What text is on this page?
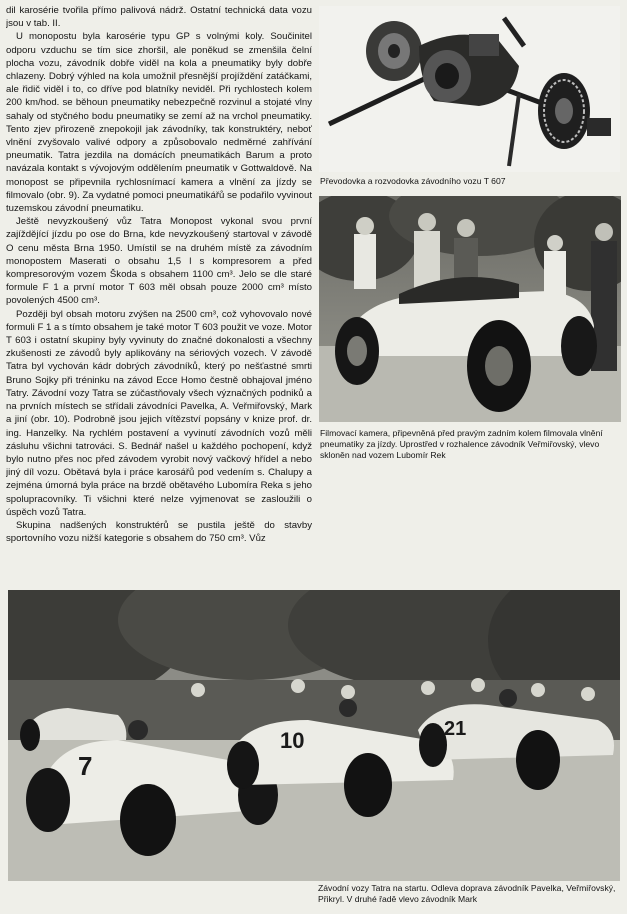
dil karosérie tvořila přímo palivová nádrž. Ostatní technická data vozu jsou v tab. II.

U monopostu byla karosérie typu GP s volnými koly. Součinitel odporu vzduchu se tím sice zhoršil, ale poněkud se zmenšila čelní plocha vozu, závodník dobře viděl na kola a pneumatiky byly dobře chlazeny. Dobrý výhled na kola umožnil přesnější projíždění zatáčkami, ale řidič viděl i to, co dříve pod blatníky neviděl. Při rychlostech kolem 200 km/hod. se běhoun pneumatiky nebezpečně rozvinul a stojaté vlny sahaly od styčného bodu pneumatiky se zemí až na vrchol pneumatiky. Tento zjev přirozeně znepokojil jak závodníky, tak konstruktéry, neboť vlnění zvyšovalo valivé odpory a způsobovalo nedměrné zahřívání pneumatik. Tatra jezdila na domácích pneumatikách Barum a proto navázala kontakt s vývojovým oddělením pneumatik v Gottwaldově. Na monopost se připevnila rychlosnímací kamera a vlnění za jízdy se filmovalo (obr. 9). Za vydatné pomoci pneumatikářů se podařilo vyvinout tuzemskou závodní pneumatiku.

Ještě nevyzkoušený vůz Tatra Monopost vykonal svou první zajíždějící jízdu po ose do Brna, kde nevyzkoušený startoval v závodě O cenu města Brna 1950. Umístil se na druhém místě za závodním monopostem Maserati o obsahu 1,5 l s kompresorem a před kompresorovým vozem Škoda s obsahem 1100 cm³. Jelo se dle staré formule F 1 a první motor T 603 měl obsah pouze 2000 cm³ místo povolených 4500 cm³.

Později byl obsah motoru zvýšen na 2500 cm³, což vyhovovalo nové formuli F 1 a s tímto obsahem je také motor T 603 použit ve voze. Motor T 603 i ostatní skupiny byly vyvinuty do značné dokonalosti a všechny zkušenosti ze závodů byly aplikovány na sériových vozech. V závodě Tatra byl vychován kádr dobrých závodníků, který po nešťastné smrti Bruno Sojky při tréninku na závod Ecce Homo čestně obhajoval jméno Tatry. Závodní vozy Tatra se zúčastňovaly všech význačných podniků a na prvních místech se střídali závodníci Pavelka, A. Veřmiřovský, Mark a jiní (obr. 10). Podrobně jsou jejich vítězství popsány v knize prof. dr. ing. Hanzelky. Na rychlém postavení a vyvinutí závodních vozů měli zásluhu všichni tatrováci. S. Bednář našel u každého pochopení, když bylo nutno přes noc před závodem vyrobit nový vačkový hřídel a nebo jiný díl vozu. Obětavá byla i práce karosářů pod vedením s. Chalupy a zejména úmorná byla práce na brzdě obětavého Lubomíra Reka s jeho spolupracovníky. Ti všichni které nelze vyjmenovat se zasloužili o úspěch vozů Tatra.

Skupina nadšených konstruktérů se pustila ještě do stavby sportovního vozu nižší kategorie s obsahem do 750 cm³. Vůz

Převodovka a rozvodovka závodního vozu T 607
Filmovací kamera, připevněná před pravým zadním kolem filmovala vlnění pneumatiky za jízdy. Uprostřed v rozhalence závodník Veřmiřovský, vlevo skloněn nad vozem Lubomír Rek
7
10	21
Závodní vozy Tatra na startu. Odleva doprava závodník Pavelka, Veřmiřovský, Přikryl. V druhé řadě vlevo závodník Mark
